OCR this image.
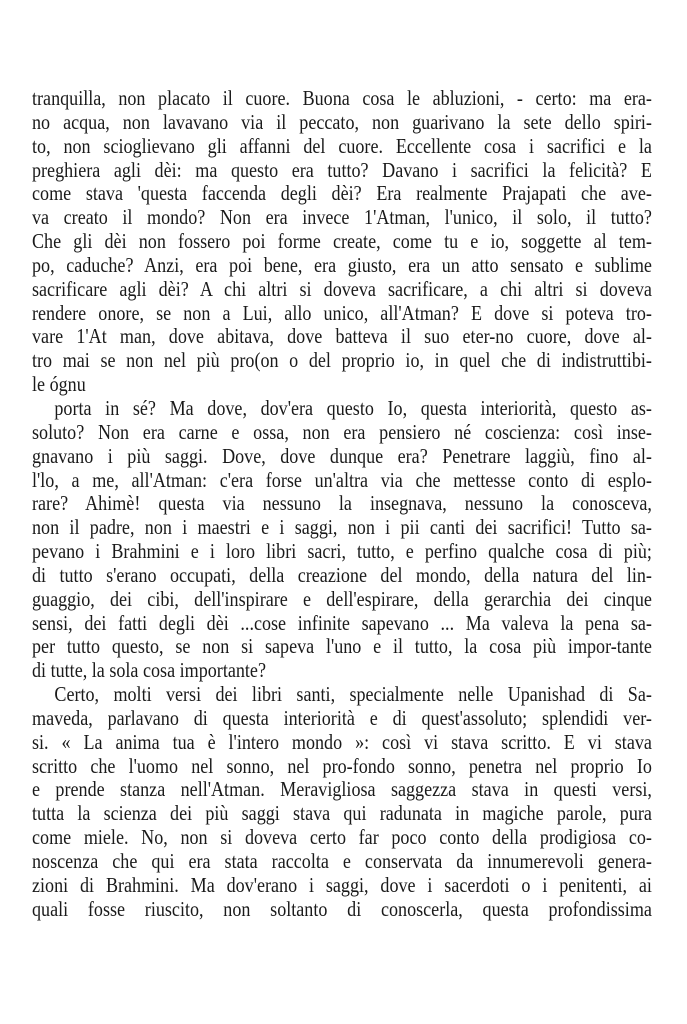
tranquilla, non placato il cuore. Buona cosa le abluzioni, - certo: ma era-
no acqua, non lavavano via il peccato, non guarivano la sete dello spiri-
to, non scioglievano gli affanni del cuore. Eccellente cosa i sacrifici e la
preghiera agli dèi: ma questo era tutto? Davano i sacrifici la felicità? E
come stava 'questa faccenda degli dèi? Era realmente Prajapati che ave-
va creato il mondo? Non era invece 1'Atman, l'unico, il solo, il tutto?
Che gli dèi non fossero poi forme create, come tu e io, soggette al tem-
po, caduche? Anzi, era poi bene, era giusto, era un atto sensato e sublime
sacrificare agli dèi? A chi altri si doveva sacrificare, a chi altri si doveva
rendere onore, se non a Lui, allo unico, all'Atman? E dove si poteva tro-
vare 1'At man, dove abitava, dove batteva il suo eter-no cuore, dove al-
tro mai se non nel più pro(on o del proprio io, in quel che di indistruttibi-
le ógnu
porta in sé? Ma dove, dov'era questo Io, questa interiorità, questo as-
soluto? Non era carne e ossa, non era pensiero né coscienza: così inse-
gnavano i più saggi. Dove, dove dunque era? Penetrare laggiù, fino al-
l'lo, a me, all'Atman: c'era forse un'altra via che mettesse conto di esplo-
rare? Ahimè! questa via nessuno la insegnava, nessuno la conosceva,
non il padre, non i maestri e i saggi, non i pii canti dei sacrifici! Tutto sa-
pevano i Brahmini e i loro libri sacri, tutto, e perfino qualche cosa di più;
di tutto s'erano occupati, della creazione del mondo, della natura del lin-
guaggio, dei cibi, dell'inspirare e dell'espirare, della gerarchia dei cinque
sensi, dei fatti degli dèi ...cose infinite sapevano ... Ma valeva la pena sa-
per tutto questo, se non si sapeva l'uno e il tutto, la cosa più impor-tante
di tutte, la sola cosa importante?
Certo, molti versi dei libri santi, specialmente nelle Upanishad di Sa-
maveda, parlavano di questa interiorità e di quest'assoluto; splendidi ver-
si. « La anima tua è l'intero mondo »: così vi stava scritto. E vi stava
scritto che l'uomo nel sonno, nel pro-fondo sonno, penetra nel proprio Io
e prende stanza nell'Atman. Meravigliosa saggezza stava in questi versi,
tutta la scienza dei più saggi stava qui radunata in magiche parole, pura
come miele. No, non si doveva certo far poco conto della prodigiosa co-
noscenza che qui era stata raccolta e conservata da innumerevoli genera-
zioni di Brahmini. Ma dov'erano i saggi, dove i sacerdoti o i penitenti, ai
quali fosse riuscito, non soltanto di conoscerla, questa profondissima
